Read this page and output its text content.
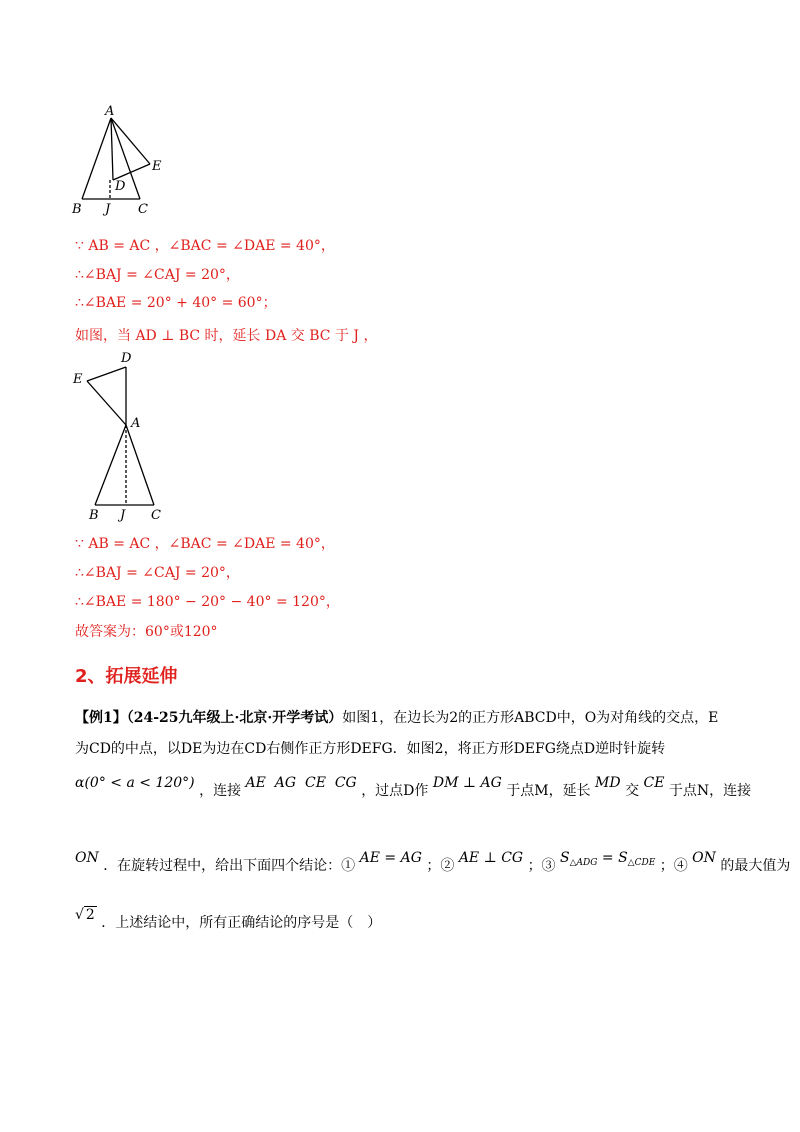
A
E
D
B J C
∵ AB = AC ，∠BAC = ∠DAE = 40°，
∴∠BAJ = ∠CAJ = 20°，
∴∠BAE = 20° + 40° = 60°；
如图，当 AD ⊥ BC 时，延长 DA 交 BC 于 J ，
D
E
A
B J C
∵ AB = AC ，∠BAC = ∠DAE = 40°，
∴∠BAJ = ∠CAJ = 20°，
∴∠BAE = 180° − 20° − 40° = 120°，
故答案为：60°或120°
2、拓展延伸
【例1】（24-25九年级上·北京·开学考试）如图1，在边长为2的正方形ABCD中，O为对角线的交点，E
为CD的中点，以DE为边在CD右侧作正方形DEFG．如图2，将正方形DEFG绕点D逆时针旋转
α(0° < a < 120°) ，连接 AE AG CE CG ，过点D作 DM ⊥ AG 于点M，延长 MD 交 CE 于点N，连接
ON ．在旋转过程中，给出下面四个结论：① AE = AG ；② AE ⊥ CG ；③ $S_{\triangle ADG} = S_{\triangle CDE}$ ；④ ON 的最大值为
√ 2 ．上述结论中，所有正确结论的序号是（　）
